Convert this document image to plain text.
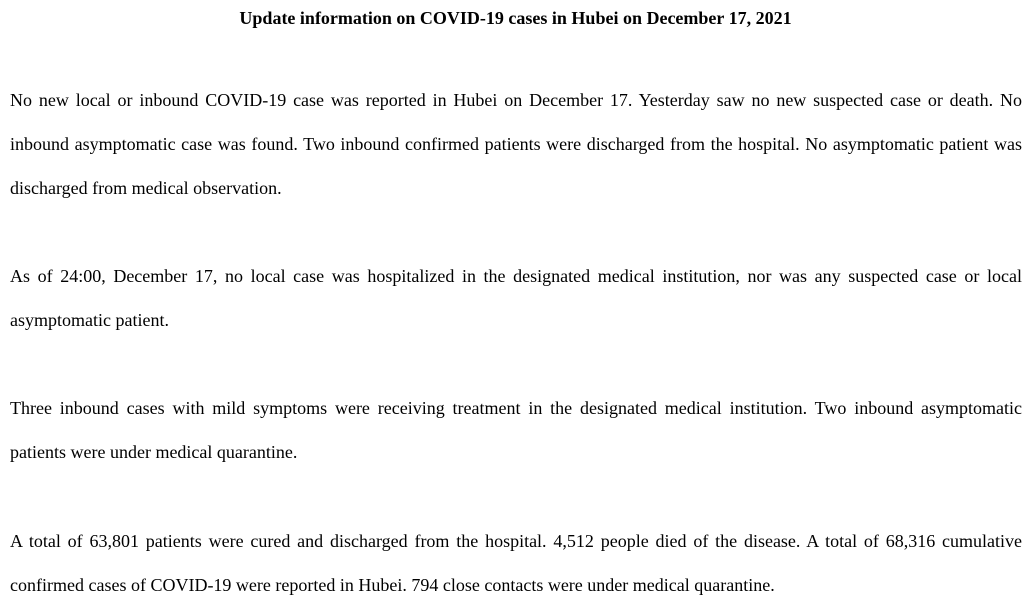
Update information on COVID-19 cases in Hubei on December 17, 2021

No new local or inbound COVID-19 case was reported in Hubei on December 17. Yesterday saw no new suspected case or death. No inbound asymptomatic case was found. Two inbound confirmed patients were discharged from the hospital. No asymptomatic patient was discharged from medical observation.

As of 24:00, December 17, no local case was hospitalized in the designated medical institution, nor was any suspected case or local asymptomatic patient.

Three inbound cases with mild symptoms were receiving treatment in the designated medical institution. Two inbound asymptomatic patients were under medical quarantine.

A total of 63,801 patients were cured and discharged from the hospital. 4,512 people died of the disease. A total of 68,316 cumulative confirmed cases of COVID-19 were reported in Hubei. 794 close contacts were under medical quarantine.
